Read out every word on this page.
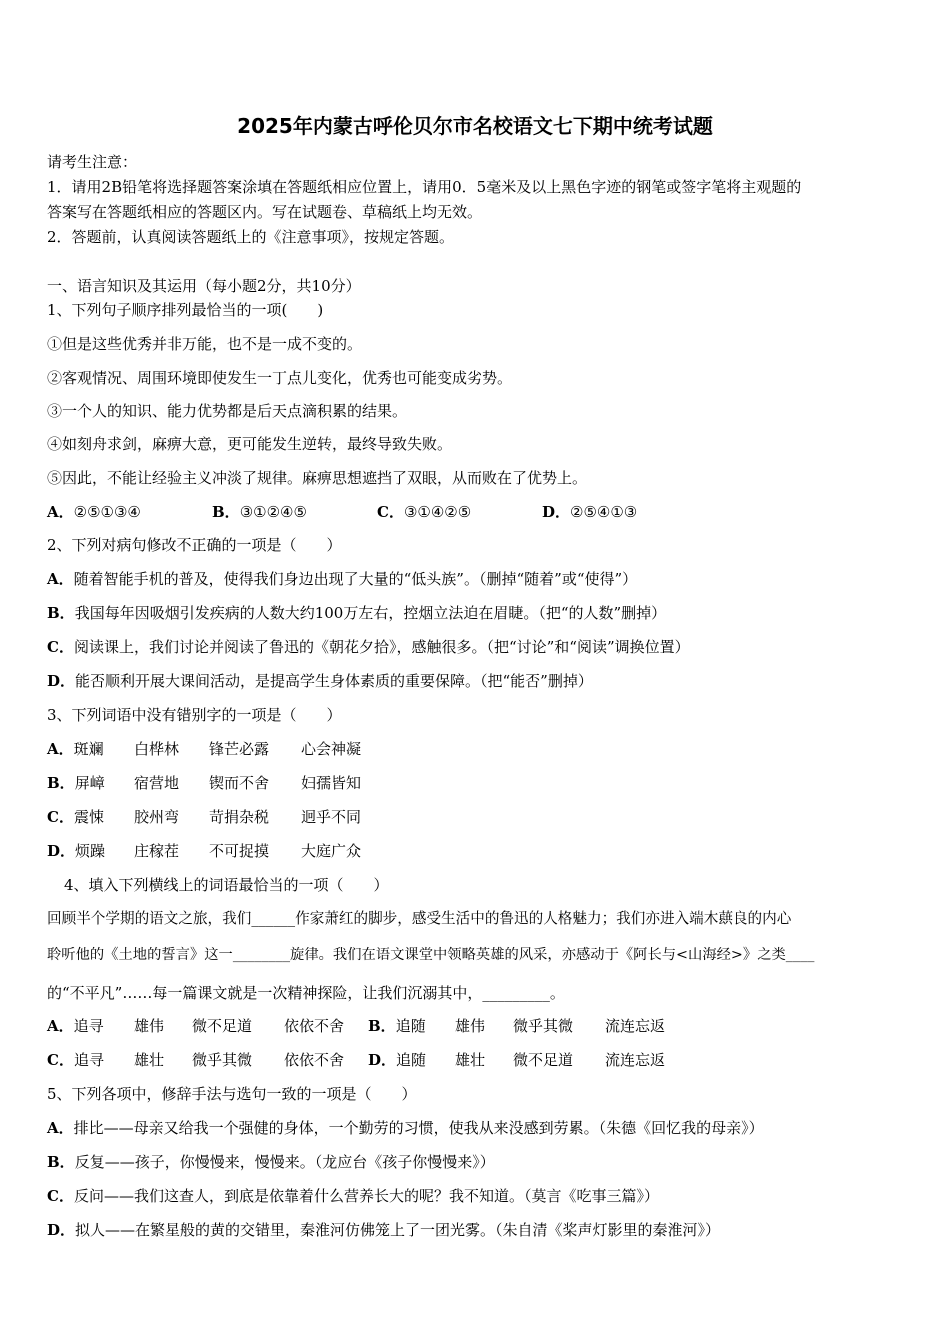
2025年内蒙古呼伦贝尔市名校语文七下期中统考试题
请考生注意：
1．请用2B铅笔将选择题答案涂填在答题纸相应位置上，请用0．5毫米及以上黑色字迹的钢笔或签字笔将主观题的
答案写在答题纸相应的答题区内。写在试题卷、草稿纸上均无效。
2．答题前，认真阅读答题纸上的《注意事项》，按规定答题。
一、语言知识及其运用（每小题2分，共10分）
1、下列句子顺序排列最恰当的一项(　　)
①但是这些优秀并非万能，也不是一成不变的。
②客观情况、周围环境即使发生一丁点儿变化，优秀也可能变成劣势。
③一个人的知识、能力优势都是后天点滴积累的结果。
④如刻舟求剑，麻痹大意，更可能发生逆转，最终导致失败。
⑤因此，不能让经验主义冲淡了规律。麻痹思想遮挡了双眼，从而败在了优势上。
A．②⑤①③④	B．③①②④⑤	C．③①④②⑤	D．②⑤④①③
2、下列对病句修改不正确的一项是（　　）
A．随着智能手机的普及，使得我们身边出现了大量的“低头族”。（删掉“随着”或“使得”）
B．我国每年因吸烟引发疾病的人数大约100万左右，控烟立法迫在眉睫。（把“的人数”删掉）
C．阅读课上，我们讨论并阅读了鲁迅的《朝花夕拾》，感触很多。（把“讨论”和“阅读”调换位置）
D．能否顺利开展大课间活动，是提高学生身体素质的重要保障。（把“能否”删掉）
3、下列词语中没有错别字的一项是（　　）
A．斑斓 白桦林 锋芒必露 心会神凝
B．屏嶂 宿营地 锲而不舍 妇孺皆知
C．震悚 胶州弯 苛捐杂税 迥乎不同
D．烦躁 庄稼茬 不可捉摸 大庭广众
4、填入下列横线上的词语最恰当的一项（　　）
回顾半个学期的语文之旅，我们______作家萧红的脚步，感受生活中的鲁迅的人格魅力；我们亦进入端木蕻良的内心
聆听他的《土地的誓言》这一________旋律。我们在语文课堂中领略英雄的风采，亦感动于《阿长与<山海经>》之类____
的“不平凡”……每一篇课文就是一次精神探险，让我们沉溺其中，_________。
A．追寻 雄伟 微不足道 依依不舍 B．追随 雄伟 微乎其微 流连忘返
C．追寻 雄壮 微乎其微 依依不舍 D．追随 雄壮 微不足道 流连忘返
5、下列各项中，修辞手法与选句一致的一项是（　　）
A．排比——母亲又给我一个强健的身体，一个勤劳的习惯，使我从来没感到劳累。（朱德《回忆我的母亲》）
B．反复——孩子，你慢慢来，慢慢来。（龙应台《孩子你慢慢来》）
C．反问——我们这查人，到底是依靠着什么营养长大的呢？我不知道。（莫言《吃事三篇》）
D．拟人——在繁星般的黄的交错里，秦淮河仿佛笼上了一团光雾。（朱自清《桨声灯影里的秦淮河》）
